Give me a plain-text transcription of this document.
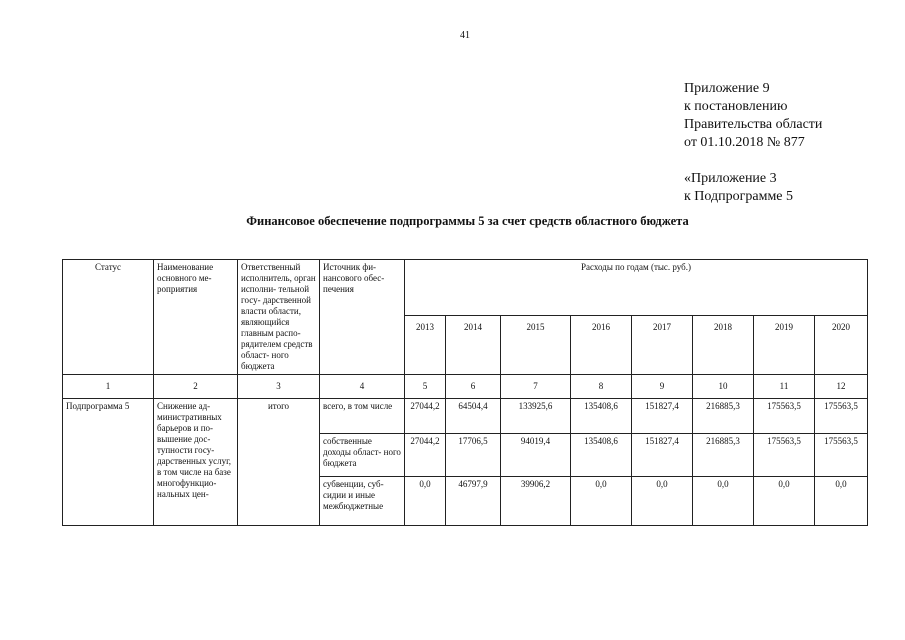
41
Приложение 9
к постановлению
Правительства области
от 01.10.2018 № 877
«Приложение 3
к Подпрограмме 5
Финансовое обеспечение подпрограммы 5 за счет средств областного бюджета
Статус	Наименование основного ме- роприятия	Ответственный исполнитель, орган исполни- тельной госу- дарственной власти области, являющийся главным распо- рядителем средств област- ного бюджета	Источник фи- нансового обес- печения	Расходы по годам (тыс. руб.)							
				2013	2014	2015	2016	2017	2018	2019	2020
1	2	3	4	5	6	7	8	9	10	11	12
Подпрограмма 5	Снижение ад- министративных барьеров и по- вышение дос- тупности госу- дарственных услуг, в том числе на базе многофункцио- нальных цен-	итого	всего, в том числе	27044,2	64504,4	133925,6	135408,6	151827,4	216885,3	175563,5	175563,5
			собственные доходы област- ного бюджета	27044,2	17706,5	94019,4	135408,6	151827,4	216885,3	175563,5	175563,5
			субвенции, суб- сидии и иные межбюджетные	0,0	46797,9	39906,2	0,0	0,0	0,0	0,0	0,0
